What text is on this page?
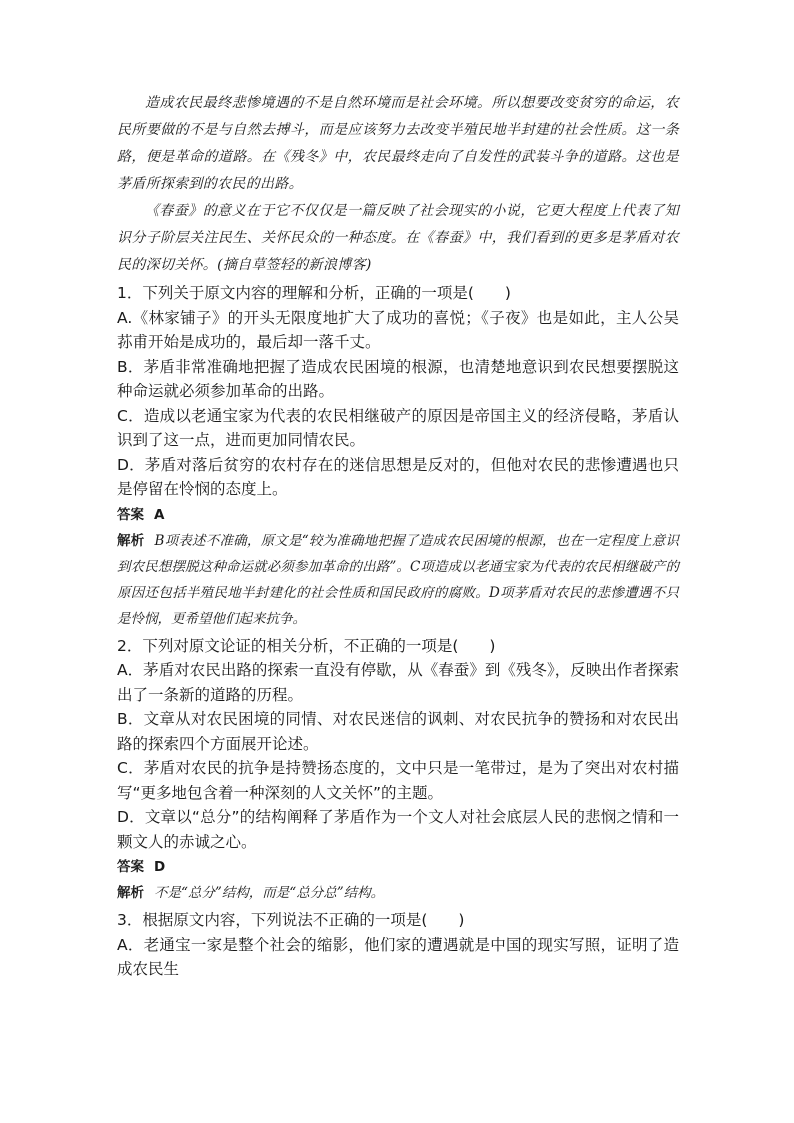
造成农民最终悲惨境遇的不是自然环境而是社会环境。所以想要改变贫穷的命运，农民所要做的不是与自然去搏斗，而是应该努力去改变半殖民地半封建的社会性质。这一条路，便是革命的道路。在《残冬》中，农民最终走向了自发性的武装斗争的道路。这也是茅盾所探索到的农民的出路。

《春蚕》的意义在于它不仅仅是一篇反映了社会现实的小说，它更大程度上代表了知识分子阶层关注民生、关怀民众的一种态度。在《春蚕》中，我们看到的更多是茅盾对农民的深切关怀。(摘自草签轻的新浪博客)

1．下列关于原文内容的理解和分析，正确的一项是(　　)

A.《林家铺子》的开头无限度地扩大了成功的喜悦；《子夜》也是如此，主人公吴荪甫开始是成功的，最后却一落千丈。

B．茅盾非常准确地把握了造成农民困境的根源，也清楚地意识到农民想要摆脱这种命运就必须参加革命的出路。

C．造成以老通宝家为代表的农民相继破产的原因是帝国主义的经济侵略，茅盾认识到了这一点，进而更加同情农民。

D．茅盾对落后贫穷的农村存在的迷信思想是反对的，但他对农民的悲惨遭遇也只是停留在怜悯的态度上。

答案 A

解析 B项表述不准确，原文是“较为准确地把握了造成农民困境的根源，也在一定程度上意识到农民想摆脱这种命运就必须参加革命的出路”。C项造成以老通宝家为代表的农民相继破产的原因还包括半殖民地半封建化的社会性质和国民政府的腐败。D项茅盾对农民的悲惨遭遇不只是怜悯，更希望他们起来抗争。

2．下列对原文论证的相关分析，不正确的一项是(　　)

A．茅盾对农民出路的探索一直没有停歇，从《春蚕》到《残冬》，反映出作者探索出了一条新的道路的历程。

B．文章从对农民困境的同情、对农民迷信的讽刺、对农民抗争的赞扬和对农民出路的探索四个方面展开论述。

C．茅盾对农民的抗争是持赞扬态度的，文中只是一笔带过，是为了突出对农村描写“更多地包含着一种深刻的人文关怀”的主题。

D．文章以“总分”的结构阐释了茅盾作为一个文人对社会底层人民的悲悯之情和一颗文人的赤诚之心。

答案 D

解析 不是“总分”结构，而是“总分总”结构。

3．根据原文内容，下列说法不正确的一项是(　　)

A．老通宝一家是整个社会的缩影，他们家的遭遇就是中国的现实写照，证明了造成农民生
